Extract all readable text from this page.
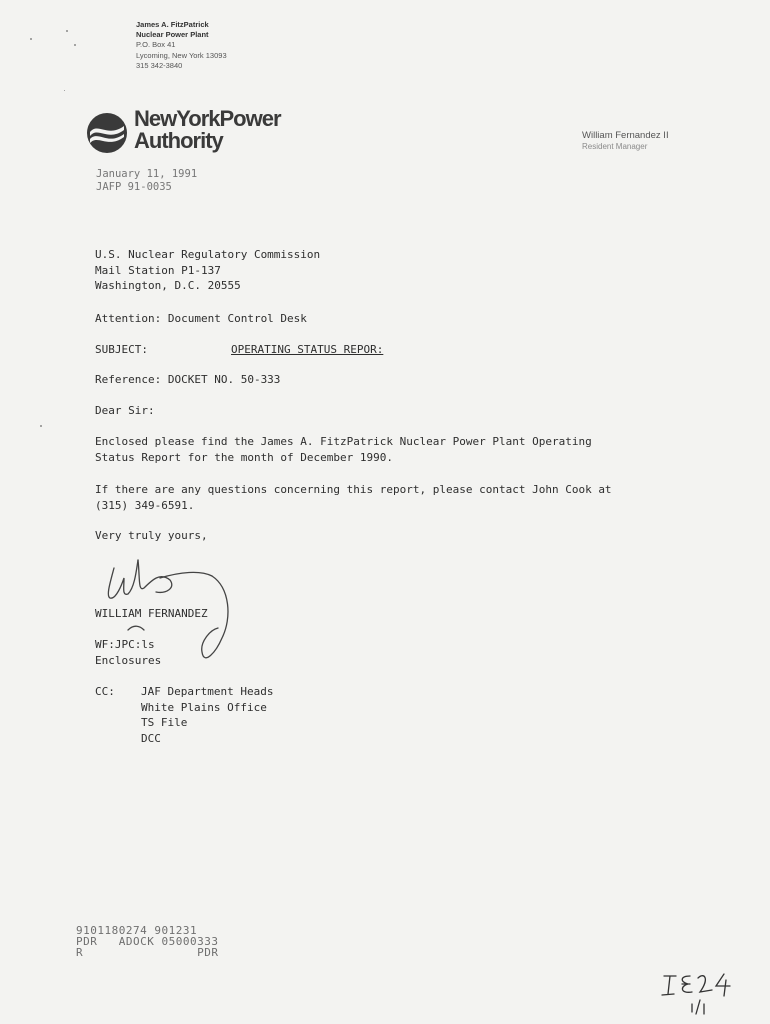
James A. FitzPatrick
Nuclear Power Plant
P.O. Box 41
Lycoming, New York 13093
315 342-3840
NewYorkPower
Authority	William Fernandez II
Resident Manager
January 11, 1991
JAFP 91-0035
U.S. Nuclear Regulatory Commission
Mail Station P1-137
Washington, D.C. 20555
Attention: Document Control Desk
SUBJECT:	OPERATING STATUS REPOR:
Reference: DOCKET NO. 50-333
Dear Sir:
Enclosed please find the James A. FitzPatrick Nuclear Power Plant Operating
Status Report for the month of December 1990.
If there are any questions concerning this report, please contact John Cook at
(315) 349-6591.
Very truly yours,
WILLIAM FERNANDEZ
WF:JPC:ls
Enclosures
CC: JAF Department Heads
White Plains Office
TS File
DCC
9101180274 901231
PDR   ADOCK 05000333
R                PDR
